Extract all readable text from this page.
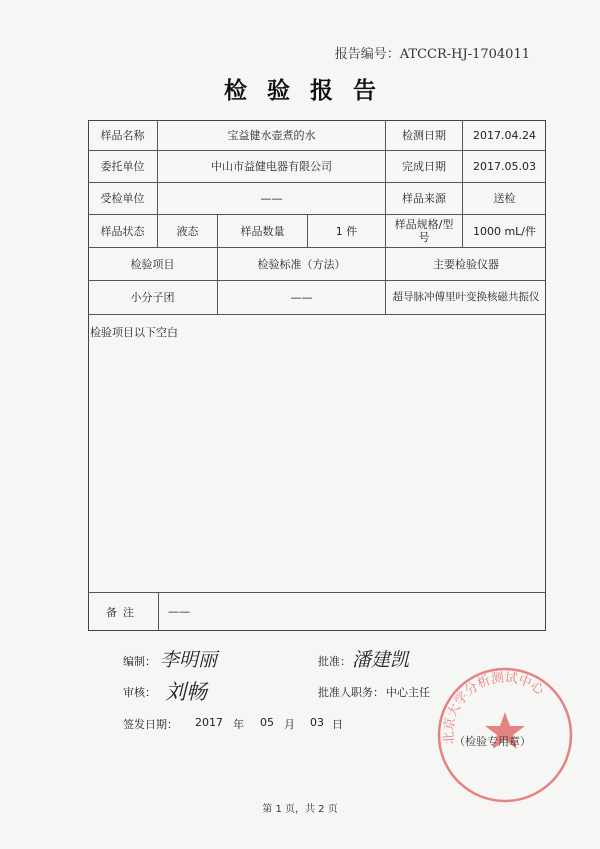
报告编号：ATCCR-HJ-1704011
检验报告
样品名称	宝益健水壶煮的水	检测日期	2017.04.24
委托单位	中山市益健电器有限公司	完成日期	2017.05.03
受检单位	——	样品来源	送检
样品状态	液态	样品数量	1 件	样品规格/型号	1000 mL/件
检验项目	检验标准（方法）	主要检验仪器
小分子团	——	超导脉冲傅里叶变换核磁共振仪
检验项目以下空白
备注	——
编制： 李明丽	批准： 潘建凯
审核： 刘畅	批准人职务： 中心主任
签发日期： 2017 年 05 月 03 日
北京大学分析测试中心
（检验专用章）
第 1 页，共 2 页
